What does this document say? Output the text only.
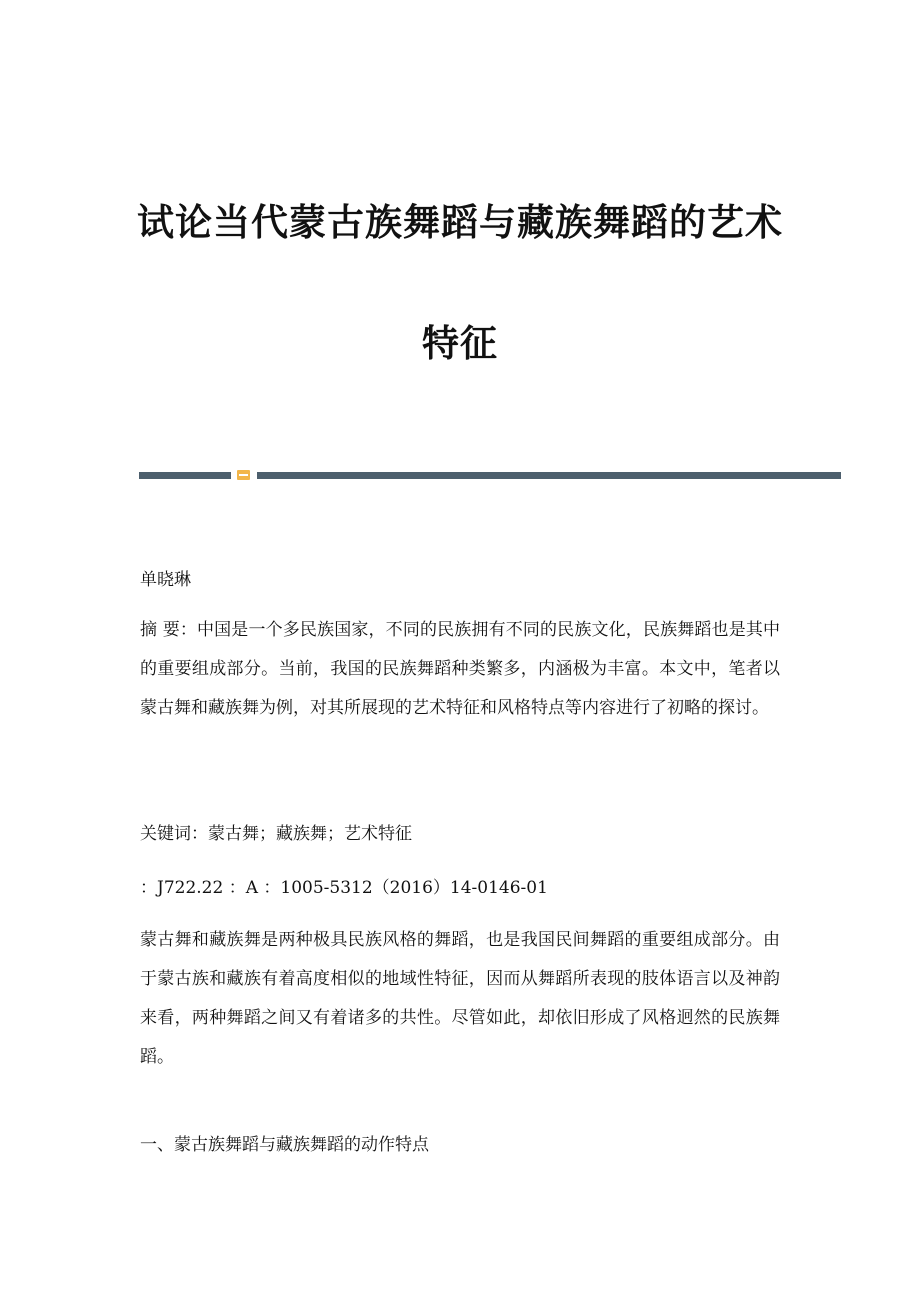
试论当代蒙古族舞蹈与藏族舞蹈的艺术
特征

单晓琳

摘 要：中国是一个多民族国家，不同的民族拥有不同的民族文化，民族舞蹈也是其中的重要组成部分。当前，我国的民族舞蹈种类繁多，内涵极为丰富。本文中，笔者以蒙古舞和藏族舞为例，对其所展现的艺术特征和风格特点等内容进行了初略的探讨。

关键词：蒙古舞；藏族舞；艺术特征

：J722.22 ：A ：1005-5312（2016）14-0146-01

蒙古舞和藏族舞是两种极具民族风格的舞蹈，也是我国民间舞蹈的重要组成部分。由于蒙古族和藏族有着高度相似的地域性特征，因而从舞蹈所表现的肢体语言以及神韵来看，两种舞蹈之间又有着诸多的共性。尽管如此，却依旧形成了风格迥然的民族舞蹈。

一、蒙古族舞蹈与藏族舞蹈的动作特点
